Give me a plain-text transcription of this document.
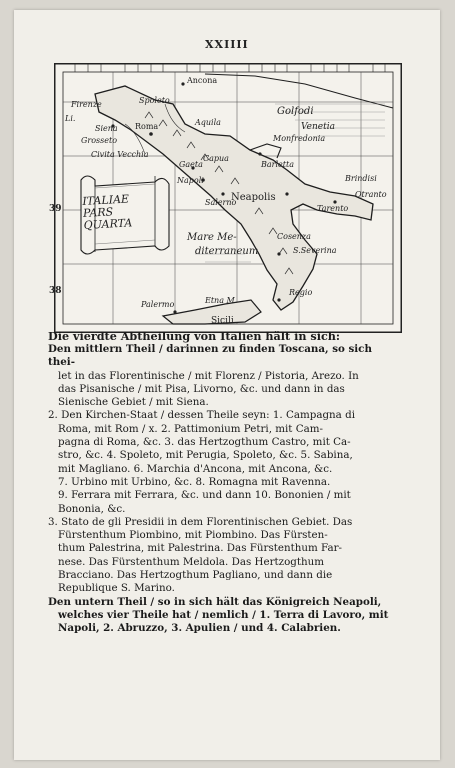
XXIIII
39
38
ITALIAE PARS QUARTA
Ancona
Golfodi
Venetia
Monfredonia
Roma
Spoleto
Aquila
Civita Vecchia
Gaeta
Capua
Napoli
Neapolis
Salerno
Barletta
Tarento
Brindisi
Otranto
Cosenza
S.Severina
Regio
Mare Me-
diterraneum
Sicili
Palermo	Etna M.
Li.
Firenze
Grosseto
Siena

Die vierdte Abtheilung von Italien hält in sich:

Den mittlern Theil / darinnen zu finden Toscana, so sich thei-

let in das Florentinische / mit Florenz / Pistoria, Arezo. In

das Pisanische / mit Pisa, Livorno, &c. und dann in das

Sienische Gebiet / mit Siena.

2. Den Kirchen-Staat / dessen Theile seyn: 1. Campagna di

Roma, mit Rom / x. 2. Pattimonium Petri, mit Cam-

pagna di Roma, &c. 3. das Hertzogthum Castro, mit Ca-

stro, &c. 4. Spoleto, mit Perugia, Spoleto, &c. 5. Sabina,

mit Magliano. 6. Marchia d'Ancona, mit Ancona, &c.

7. Urbino mit Urbino, &c. 8. Romagna mit Ravenna.

9. Ferrara mit Ferrara, &c. und dann 10. Bononien / mit

Bononia, &c.

3. Stato de gli Presidii in dem Florentinischen Gebiet. Das

Fürstenthum Piombino, mit Piombino. Das Fürsten-

thum Palestrina, mit Palestrina. Das Fürstenthum Far-

nese. Das Fürstenthum Meldola. Das Hertzogthum

Bracciano. Das Hertzogthum Pagliano, und dann die

Republique S. Marino.

Den untern Theil / so in sich hält das Königreich Neapoli,

welches vier Theile hat / nemlich / 1. Terra di Lavoro, mit

Napoli, 2. Abruzzo, 3. Apulien / und 4. Calabrien.
